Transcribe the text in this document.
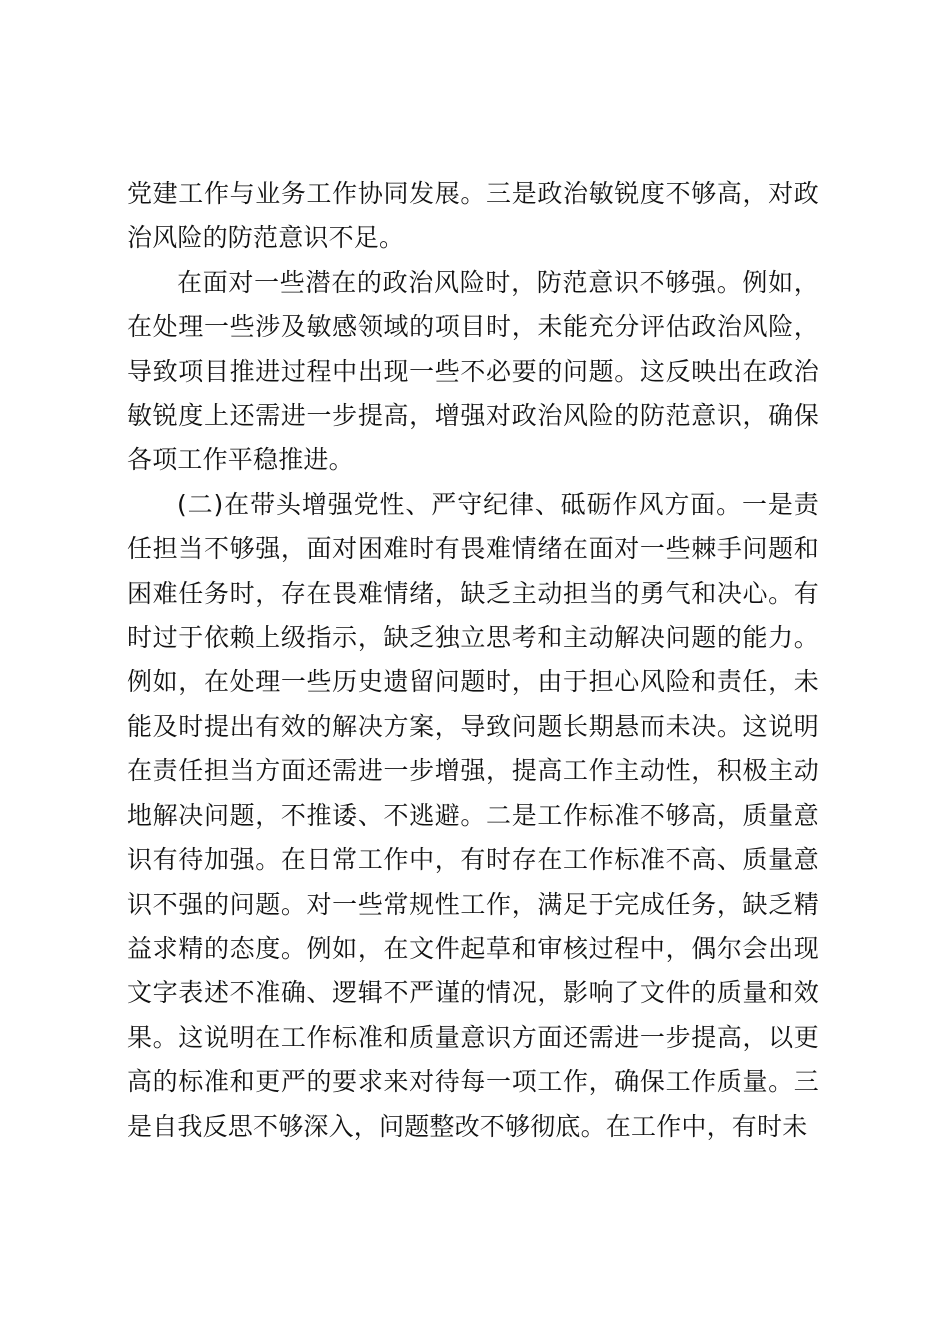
党建工作与业务工作协同发展。三是政治敏锐度不够高，对政治风险的防范意识不足。

在面对一些潜在的政治风险时，防范意识不够强。例如，在处理一些涉及敏感领域的项目时，未能充分评估政治风险，导致项目推进过程中出现一些不必要的问题。这反映出在政治敏锐度上还需进一步提高，增强对政治风险的防范意识，确保各项工作平稳推进。

(二)在带头增强党性、严守纪律、砥砺作风方面。一是责任担当不够强，面对困难时有畏难情绪在面对一些棘手问题和困难任务时，存在畏难情绪，缺乏主动担当的勇气和决心。有时过于依赖上级指示，缺乏独立思考和主动解决问题的能力。例如，在处理一些历史遗留问题时，由于担心风险和责任，未能及时提出有效的解决方案，导致问题长期悬而未决。这说明在责任担当方面还需进一步增强，提高工作主动性，积极主动地解决问题，不推诿、不逃避。二是工作标准不够高，质量意识有待加强。在日常工作中，有时存在工作标准不高、质量意识不强的问题。对一些常规性工作，满足于完成任务，缺乏精益求精的态度。例如，在文件起草和审核过程中，偶尔会出现文字表述不准确、逻辑不严谨的情况，影响了文件的质量和效果。这说明在工作标准和质量意识方面还需进一步提高，以更高的标准和更严的要求来对待每一项工作，确保工作质量。三是自我反思不够深入，问题整改不够彻底。在工作中，有时未
